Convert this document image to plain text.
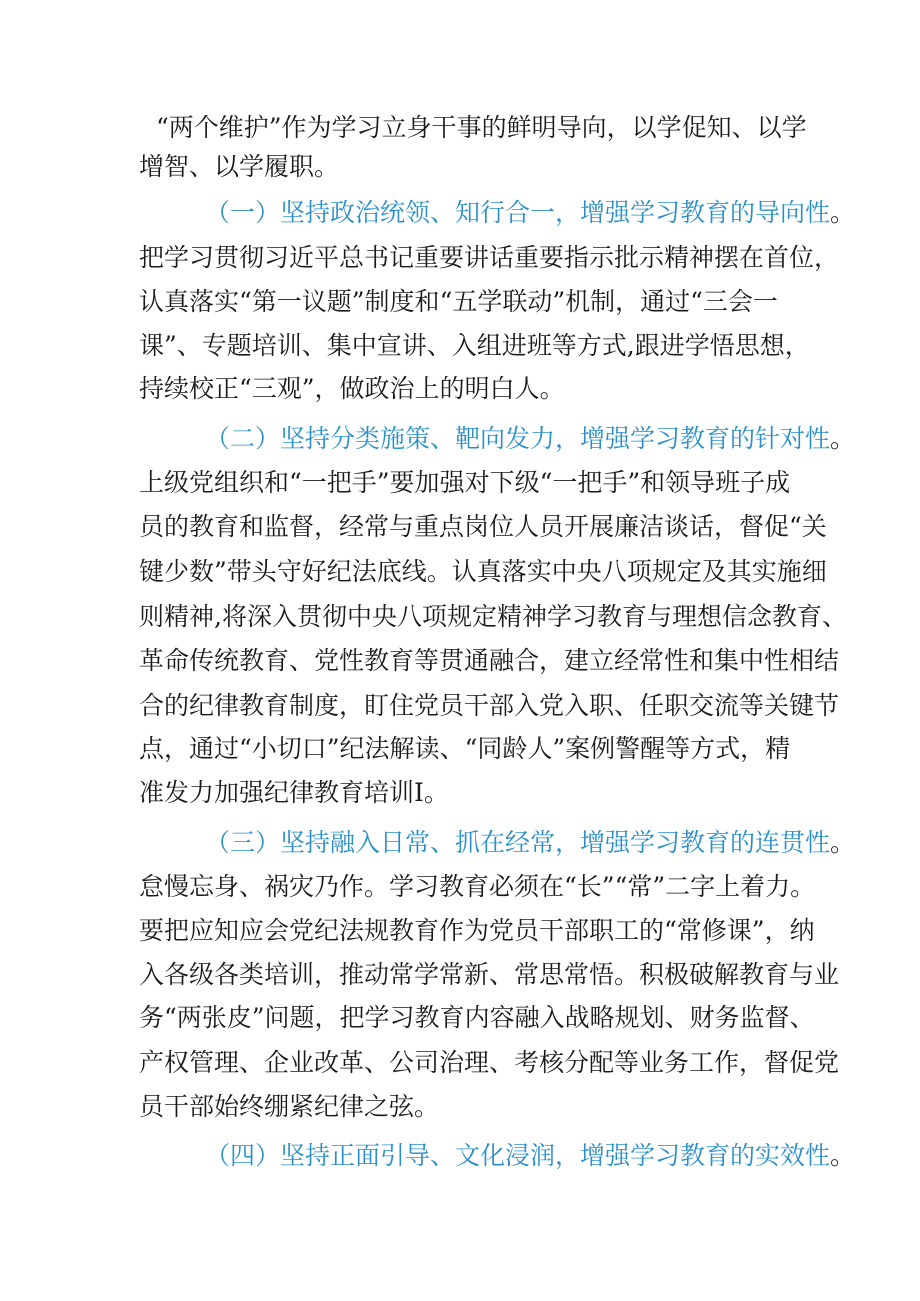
“两个维护”作为学习立身干事的鲜明导向，以学促知、以学
增智、以学履职。
（一）坚持政治统领、知行合一，增强学习教育的导向性。
把学习贯彻习近平总书记重要讲话重要指示批示精神摆在首位，
认真落实“第一议题”制度和“五学联动”机制，通过“三会一
课”、专题培训、集中宣讲、入组进班等方式,跟进学悟思想，
持续校正“三观”，做政治上的明白人。
（二）坚持分类施策、靶向发力，增强学习教育的针对性。
上级党组织和“一把手”要加强对下级“一把手”和领导班子成
员的教育和监督，经常与重点岗位人员开展廉洁谈话，督促“关
键少数”带头守好纪法底线。认真落实中央八项规定及其实施细
则精神,将深入贯彻中央八项规定精神学习教育与理想信念教育、
革命传统教育、党性教育等贯通融合，建立经常性和集中性相结
合的纪律教育制度，盯住党员干部入党入职、任职交流等关键节
点，通过“小切口”纪法解读、“同龄人”案例警醒等方式，精
准发力加强纪律教育培训I。
（三）坚持融入日常、抓在经常，增强学习教育的连贯性。
怠慢忘身、祸灾乃作。学习教育必须在“长”“常”二字上着力。
要把应知应会党纪法规教育作为党员干部职工的“常修课”，纳
入各级各类培训，推动常学常新、常思常悟。积极破解教育与业
务“两张皮”问题，把学习教育内容融入战略规划、财务监督、
产权管理、企业改革、公司治理、考核分配等业务工作，督促党
员干部始终绷紧纪律之弦。
（四）坚持正面引导、文化浸润，增强学习教育的实效性。
